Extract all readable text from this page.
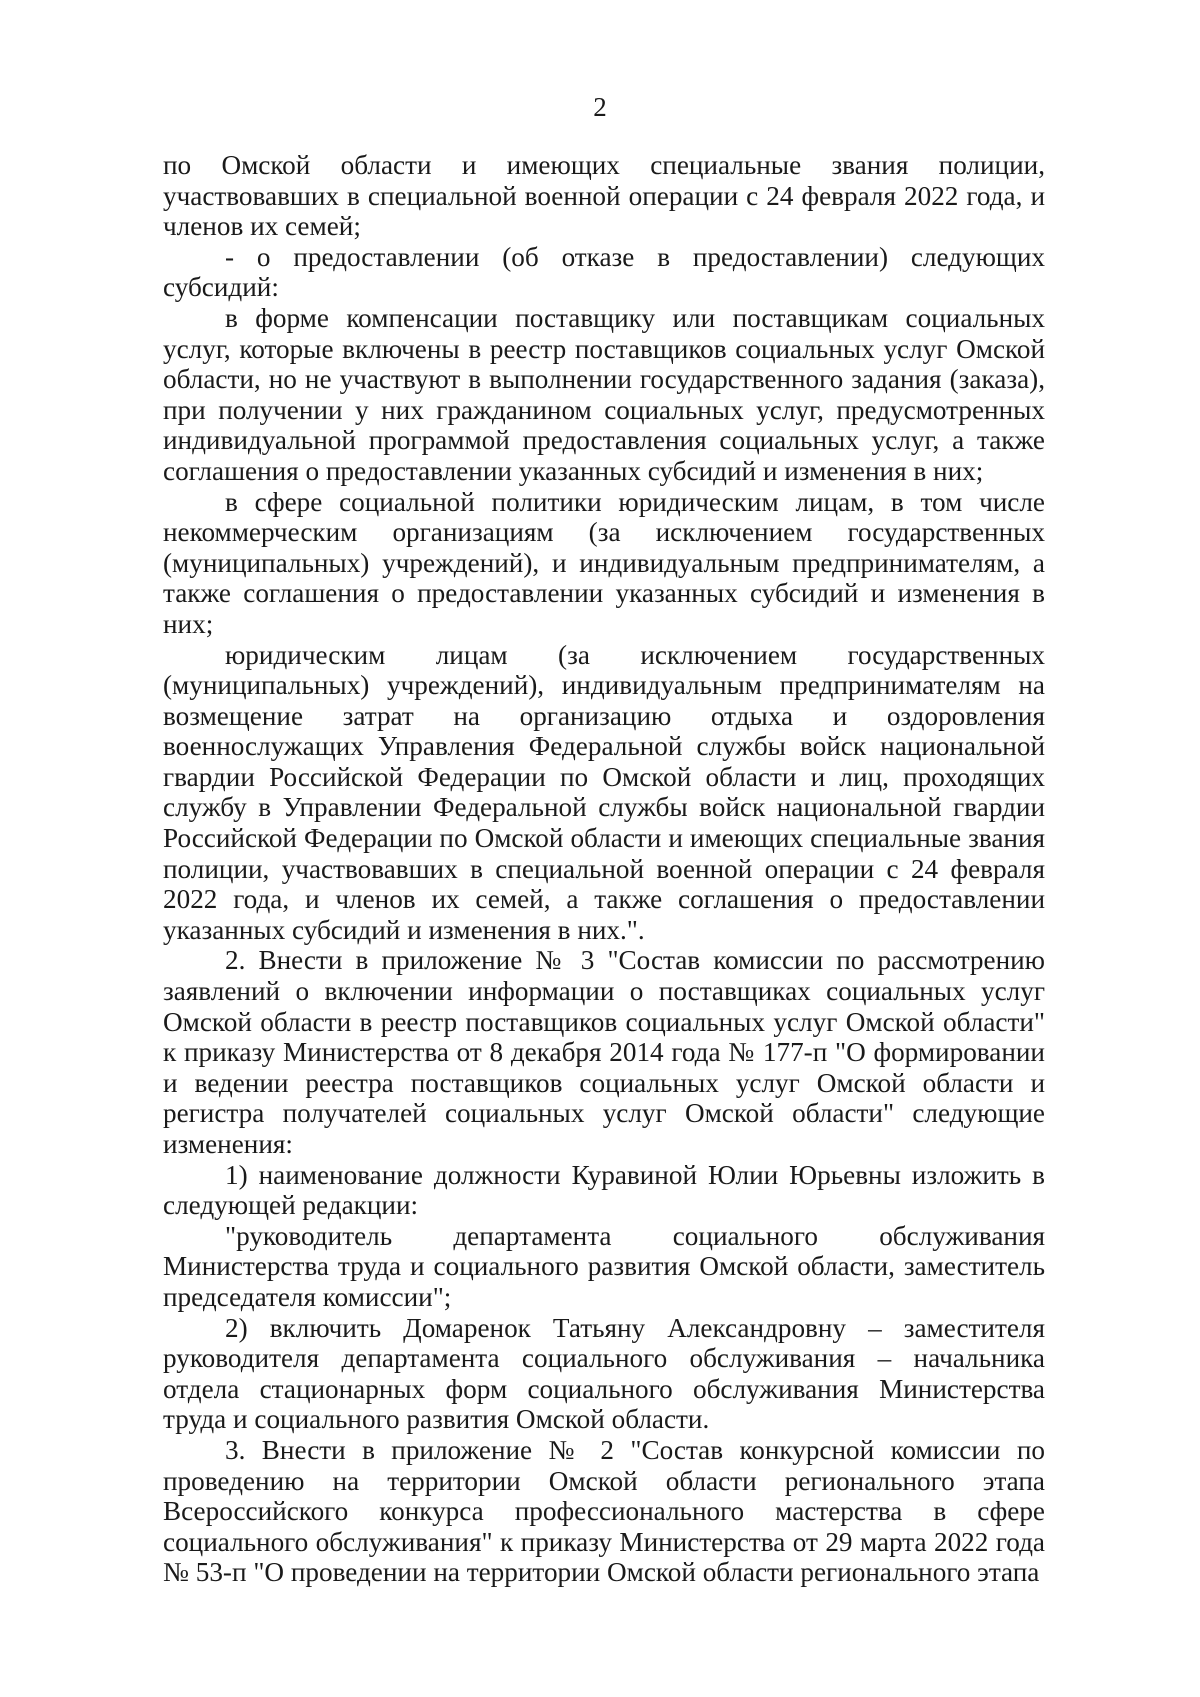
2

по Омской области и имеющих специальные звания полиции, участвовавших в специальной военной операции с 24 февраля 2022 года, и членов их семей;

- о предоставлении (об отказе в предоставлении) следующих субсидий:

в форме компенсации поставщику или поставщикам социальных услуг, которые включены в реестр поставщиков социальных услуг Омской области, но не участвуют в выполнении государственного задания (заказа), при получении у них гражданином социальных услуг, предусмотренных индивидуальной программой предоставления социальных услуг, а также соглашения о предоставлении указанных субсидий и изменения в них;

в сфере социальной политики юридическим лицам, в том числе некоммерческим организациям (за исключением государственных (муниципальных) учреждений), и индивидуальным предпринимателям, а также соглашения о предоставлении указанных субсидий и изменения в них;

юридическим лицам (за исключением государственных (муниципальных) учреждений), индивидуальным предпринимателям на возмещение затрат на организацию отдыха и оздоровления военнослужащих Управления Федеральной службы войск национальной гвардии Российской Федерации по Омской области и лиц, проходящих службу в Управлении Федеральной службы войск национальной гвардии Российской Федерации по Омской области и имеющих специальные звания полиции, участвовавших в специальной военной операции с 24 февраля 2022 года, и членов их семей, а также соглашения о предоставлении указанных субсидий и изменения в них.".

2. Внести в приложение № 3 "Состав комиссии по рассмотрению заявлений о включении информации о поставщиках социальных услуг Омской области в реестр поставщиков социальных услуг Омской области" к приказу Министерства от 8 декабря 2014 года № 177-п "О формировании и ведении реестра поставщиков социальных услуг Омской области и регистра получателей социальных услуг Омской области" следующие изменения:

1) наименование должности Куравиной Юлии Юрьевны изложить в следующей редакции:

"руководитель департамента социального обслуживания Министерства труда и социального развития Омской области, заместитель председателя комиссии";

2) включить Домаренок Татьяну Александровну – заместителя руководителя департамента социального обслуживания – начальника отдела стационарных форм социального обслуживания Министерства труда и социального развития Омской области.

3. Внести в приложение № 2 "Состав конкурсной комиссии по проведению на территории Омской области регионального этапа Всероссийского конкурса профессионального мастерства в сфере социального обслуживания" к приказу Министерства от 29 марта 2022 года № 53-п "О проведении на территории Омской области регионального этапа
